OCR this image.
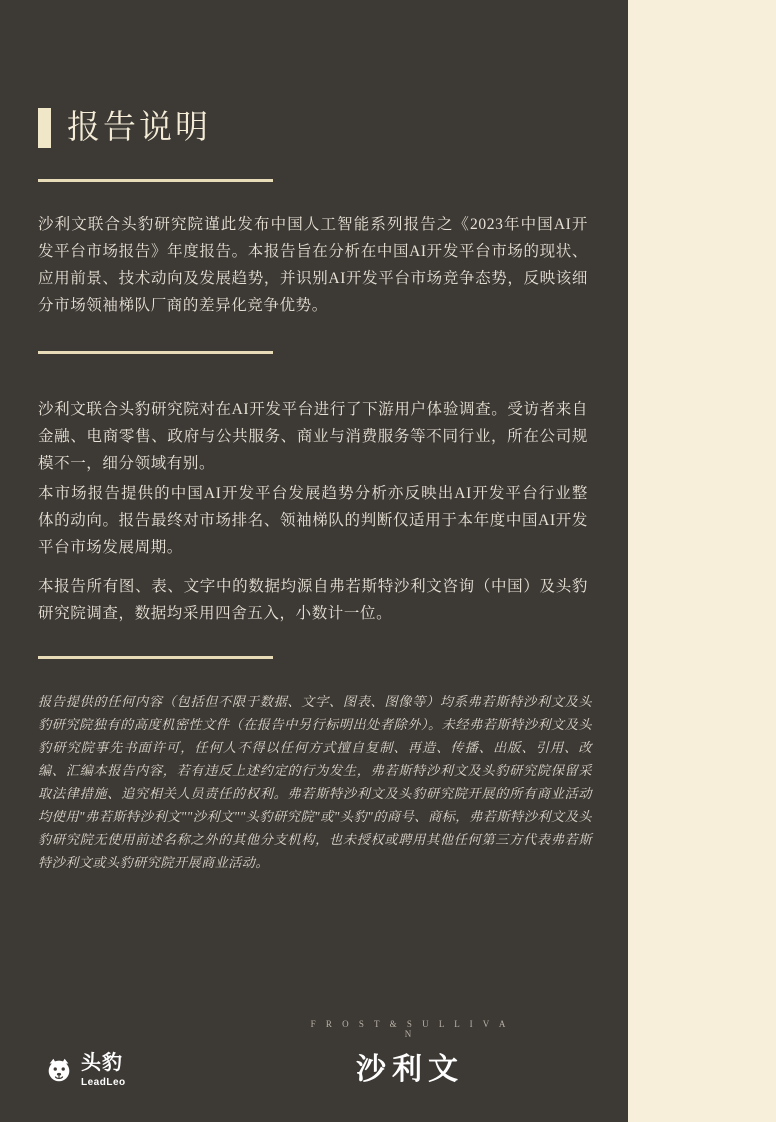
报告说明
沙利文联合头豹研究院谨此发布中国人工智能系列报告之《2023年中国AI开发平台市场报告》年度报告。本报告旨在分析在中国AI开发平台市场的现状、应用前景、技术动向及发展趋势，并识别AI开发平台市场竞争态势，反映该细分市场领袖梯队厂商的差异化竞争优势。
沙利文联合头豹研究院对在AI开发平台进行了下游用户体验调查。受访者来自金融、电商零售、政府与公共服务、商业与消费服务等不同行业，所在公司规模不一，细分领域有别。
本市场报告提供的中国AI开发平台发展趋势分析亦反映出AI开发平台行业整体的动向。报告最终对市场排名、领袖梯队的判断仅适用于本年度中国AI开发平台市场发展周期。
本报告所有图、表、文字中的数据均源自弗若斯特沙利文咨询（中国）及头豹研究院调查，数据均采用四舍五入，小数计一位。
报告提供的任何内容（包括但不限于数据、文字、图表、图像等）均系弗若斯特沙利文及头豹研究院独有的高度机密性文件（在报告中另行标明出处者除外）。未经弗若斯特沙利文及头豹研究院事先书面许可，任何人不得以任何方式擅自复制、再造、传播、出版、引用、改编、汇编本报告内容，若有违反上述约定的行为发生，弗若斯特沙利文及头豹研究院保留采取法律措施、追究相关人员责任的权利。弗若斯特沙利文及头豹研究院开展的所有商业活动均使用"弗若斯特沙利文""沙利文""头豹研究院"或"头豹"的商号、商标，弗若斯特沙利文及头豹研究院无使用前述名称之外的其他分支机构，也未授权或聘用其他任何第三方代表弗若斯特沙利文或头豹研究院开展商业活动。
头豹
LeadLeo
F R O S T & S U L L I V A N
沙利文
